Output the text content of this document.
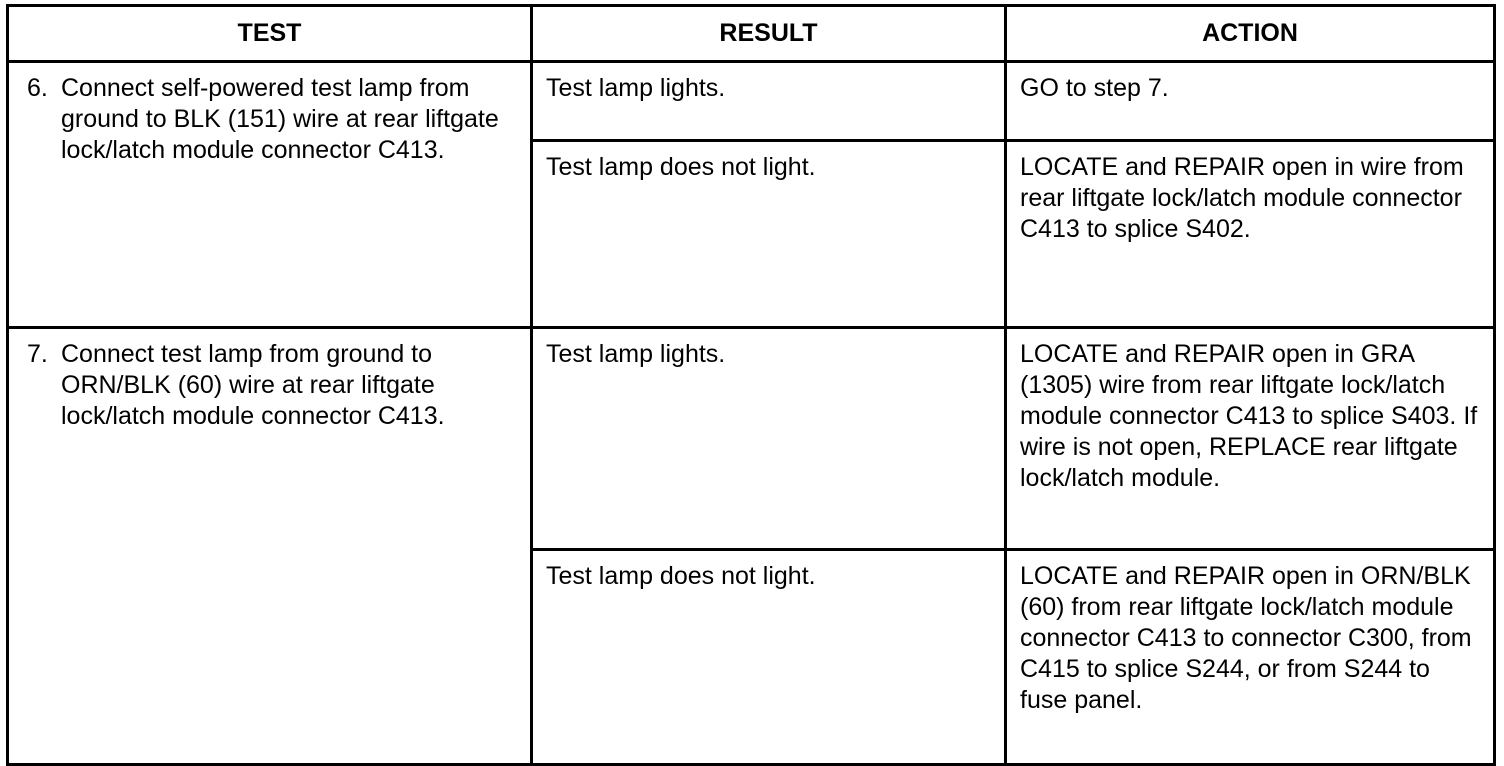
TEST	RESULT	ACTION

6. Connect self-powered test lamp from ground to BLK (151) wire at rear liftgate lock/latch module connector C413.	Test lamp lights.	GO to step 7.
	Test lamp does not light.	LOCATE and REPAIR open in wire from rear liftgate lock/latch module connector C413 to splice S402.

7. Connect test lamp from ground to ORN/BLK (60) wire at rear liftgate lock/latch module connector C413.	Test lamp lights.	LOCATE and REPAIR open in GRA (1305) wire from rear liftgate lock/latch module connector C413 to splice S403. If wire is not open, REPLACE rear liftgate lock/latch module.
	Test lamp does not light.	LOCATE and REPAIR open in ORN/BLK (60) from rear liftgate lock/latch module connector C413 to connector C300, from C415 to splice S244, or from S244 to fuse panel.
